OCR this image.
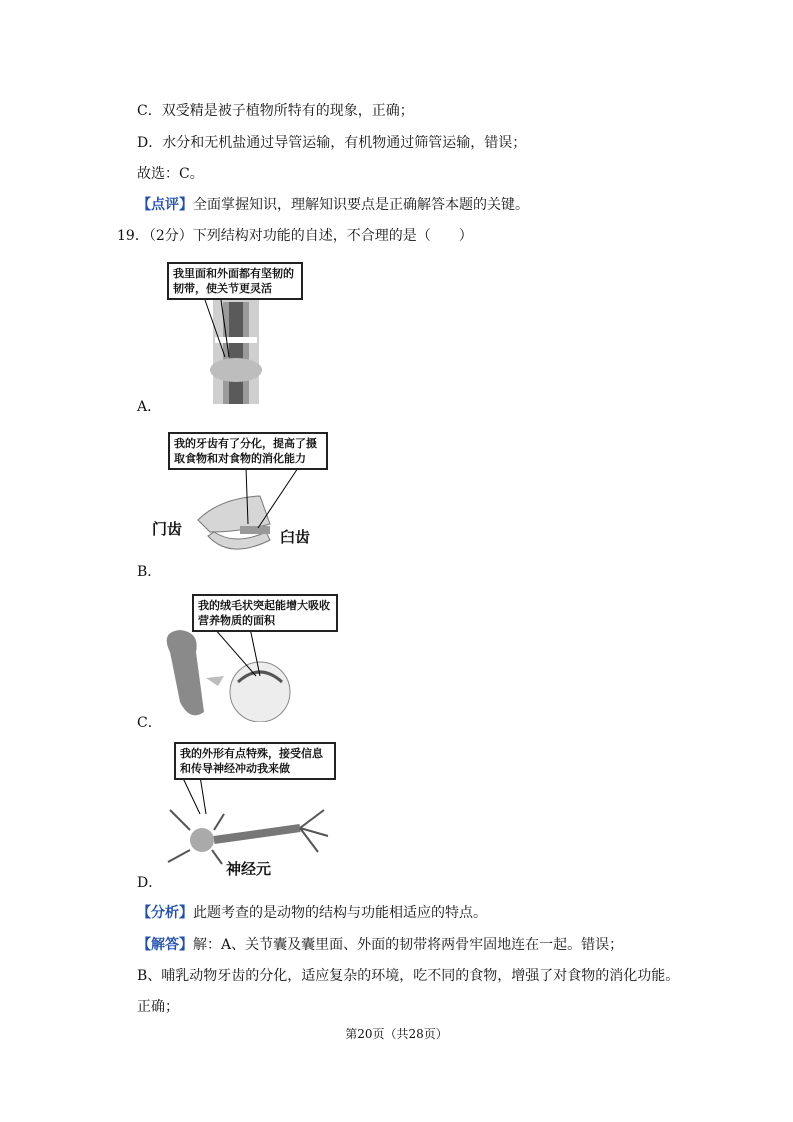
C．双受精是被子植物所特有的现象，正确；
D．水分和无机盐通过导管运输，有机物通过筛管运输，错误；
故选：C。
【点评】全面掌握知识，理解知识要点是正确解答本题的关键。
19．（2分）下列结构对功能的自述，不合理的是（　　）
我里面和外面都有坚韧的韧带，使关节更灵活
A．
我的牙齿有了分化，提高了摄取食物和对食物的消化能力
门齿	臼齿
B．
我的绒毛状突起能增大吸收营养物质的面积
C．
我的外形有点特殊，接受信息和传导神经冲动我来做
神经元
D．
【分析】此题考查的是动物的结构与功能相适应的特点。
【解答】解：A、关节囊及囊里面、外面的韧带将两骨牢固地连在一起。错误；
B、哺乳动物牙齿的分化，适应复杂的环境，吃不同的食物，增强了对食物的消化功能。
正确；
第20页（共28页）
